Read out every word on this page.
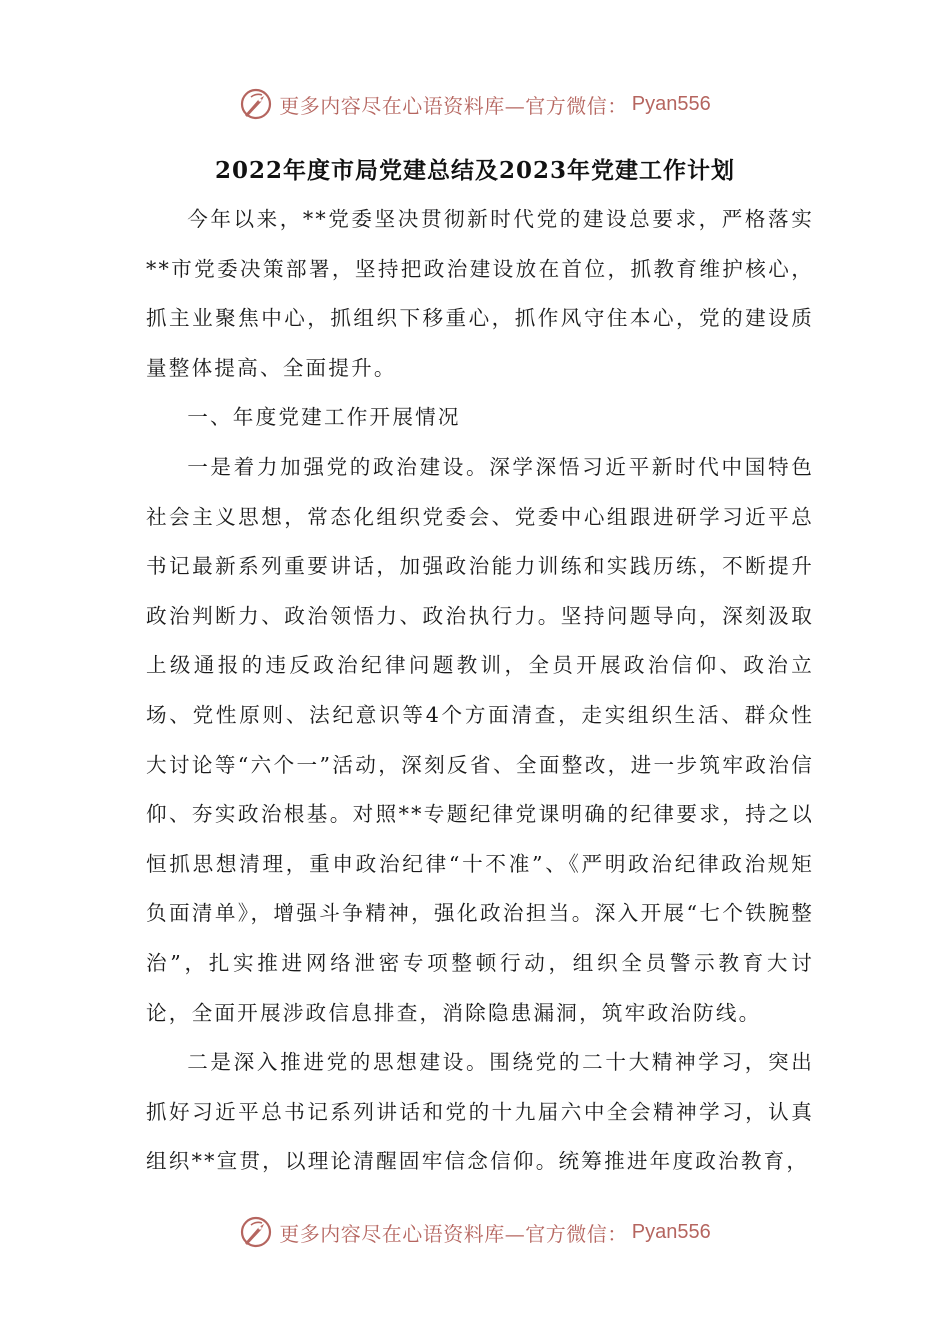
更多内容尽在心语资料库—官方微信： Pyan556
2022年度市局党建总结及2023年党建工作计划

今年以来，**党委坚决贯彻新时代党的建设总要求，严格落实**市党委决策部署，坚持把政治建设放在首位，抓教育维护核心，抓主业聚焦中心，抓组织下移重心，抓作风守住本心，党的建设质量整体提高、全面提升。

一、年度党建工作开展情况

一是着力加强党的政治建设。深学深悟习近平新时代中国特色社会主义思想，常态化组织党委会、党委中心组跟进研学习近平总书记最新系列重要讲话，加强政治能力训练和实践历练，不断提升政治判断力、政治领悟力、政治执行力。坚持问题导向，深刻汲取上级通报的违反政治纪律问题教训，全员开展政治信仰、政治立场、党性原则、法纪意识等4个方面清查，走实组织生活、群众性大讨论等“六个一”活动，深刻反省、全面整改，进一步筑牢政治信仰、夯实政治根基。对照**专题纪律党课明确的纪律要求，持之以恒抓思想清理，重申政治纪律“十不准”、《严明政治纪律政治规矩负面清单》，增强斗争精神，强化政治担当。深入开展“七个铁腕整治”，扎实推进网络泄密专项整顿行动，组织全员警示教育大讨论，全面开展涉政信息排查，消除隐患漏洞，筑牢政治防线。

二是深入推进党的思想建设。围绕党的二十大精神学习，突出抓好习近平总书记系列讲话和党的十九届六中全会精神学习，认真组织**宣贯，以理论清醒固牢信念信仰。统筹推进年度政治教育，

更多内容尽在心语资料库—官方微信： Pyan556
